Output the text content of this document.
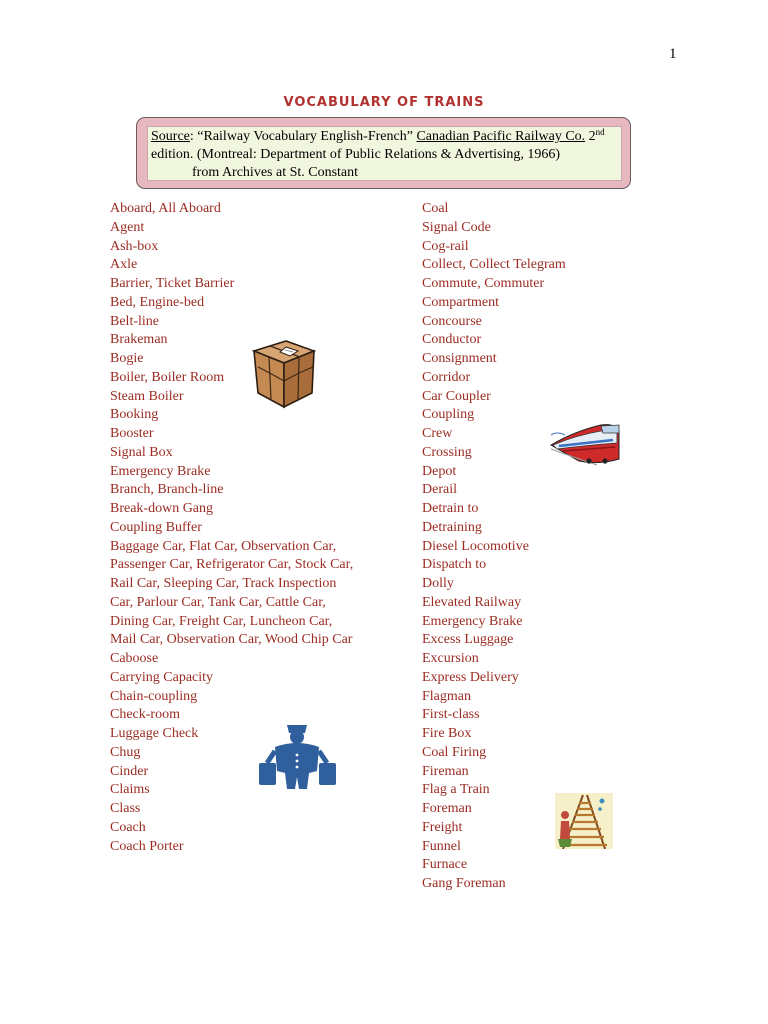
1
VOCABULARY OF TRAINS
Source: “Railway Vocabulary English-French” Canadian Pacific Railway Co. 2nd
edition. (Montreal: Department of Public Relations & Advertising, 1966)
from Archives at St. Constant
Aboard, All Aboard
Agent
Ash-box
Axle
Barrier, Ticket Barrier
Bed, Engine-bed
Belt-line
Brakeman
Bogie
Boiler, Boiler Room
Steam Boiler
Booking
Booster
Signal Box
Emergency Brake
Branch, Branch-line
Break-down Gang
Coupling Buffer
Baggage Car, Flat Car, Observation Car,
Passenger Car, Refrigerator Car, Stock Car,
Rail Car, Sleeping Car, Track Inspection
Car, Parlour Car, Tank Car, Cattle Car,
Dining Car, Freight Car, Luncheon Car,
Mail Car, Observation Car, Wood Chip Car
Caboose
Carrying Capacity
Chain-coupling
Check-room
Luggage Check
Chug
Cinder
Claims
Class
Coach
Coach Porter
Coal
Signal Code
Cog-rail
Collect, Collect Telegram
Commute, Commuter
Compartment
Concourse
Conductor
Consignment
Corridor
Car Coupler
Coupling
Crew
Crossing
Depot
Derail
Detrain to
Detraining
Diesel Locomotive
Dispatch to
Dolly
Elevated Railway
Emergency Brake
Excess Luggage
Excursion
Express Delivery
Flagman
First-class
Fire Box
Coal Firing
Fireman
Flag a Train
Foreman
Freight
Funnel
Furnace
Gang Foreman
